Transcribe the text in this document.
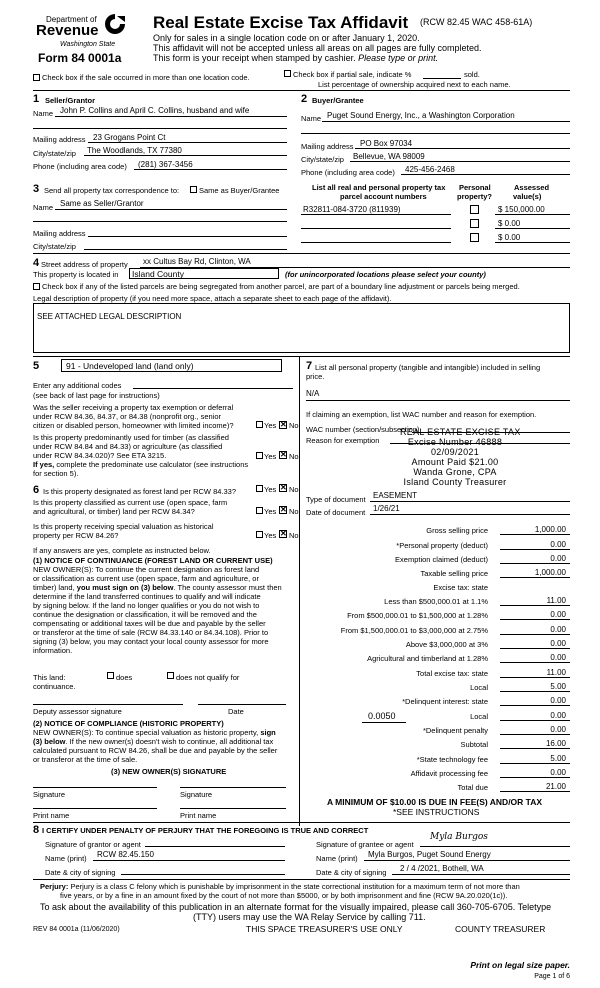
Department of
Revenue
Washington State
Form 84 0001a
Real Estate Excise Tax Affidavit (RCW 82.45 WAC 458-61A)
Only for sales in a single location code on or after January 1, 2020.
This affidavit will not be accepted unless all areas on all pages are fully completed.
This form is your receipt when stamped by cashier. Please type or print.
Check box if the sale occurred in more than one location code.	Check box if partial sale, indicate %	sold.
List percentage of ownership acquired next to each name.
1 Seller/Grantor
Name John P. Collins and April C. Collins, husband and wife
Mailing address 23 Grogans Point Ct
City/state/zip The Woodlands, TX 77380
Phone (including area code) (281) 367-3456
2 Buyer/Grantee
Name Puget Sound Energy, Inc., a Washington Corporation
Mailing address PO Box 97034
City/state/zip Bellevue, WA 98009
Phone (including area code) 425-456-2468
List all real and personal property tax
parcel account numbers
Personal
property?
Assessed
value(s)
R32811-084-3720 (811939)	$ 150,000.00
$ 0.00
$ 0.00
3 Send all property tax correspondence to:	Same as Buyer/Grantee
Name Same as Seller/Grantor
Mailing address
City/state/zip
4 Street address of property xx Cultus Bay Rd, Clinton, WA
This property is located in Island County	(for unincorporated locations please select your county)
Check box if any of the listed parcels are being segregated from another parcel, are part of a boundary line adjustment or parcels being merged.
Legal description of property (if you need more space, attach a separate sheet to each page of the affidavit).
SEE ATTACHED LEGAL DESCRIPTION
5	91 - Undeveloped land (land only)
Enter any additional codes
(see back of last page for instructions)
Was the seller receiving a property tax exemption or deferral
under RCW 84.36, 84.37, or 84.38 (nonprofit org., senior
citizen or disabled person, homeowner with limited income)?	Yes ✕ No
Is this property predominantly used for timber (as classified
under RCW 84.84 and 84.33) or agriculture (as classified
under RCW 84.34.020)? See ETA 3215.	Yes ✕ No
If yes, complete the predominate use calculator (see instructions
for section 5).
6 Is this property designated as forest land per RCW 84.33?	Yes ✕ No
Is this property classified as current use (open space, farm
and agricultural, or timber) land per RCW 84.34?	Yes ✕ No
Is this property receiving special valuation as historical
property per RCW 84.26?	Yes ✕ No
If any answers are yes, complete as instructed below.
(1) NOTICE OF CONTINUANCE (FOREST LAND OR CURRENT USE)
NEW OWNER(S): To continue the current designation as forest land
or classification as current use (open space, farm and agriculture, or
timber) land, you must sign on (3) below. The county assessor must then
determine if the land transferred continues to qualify and will indicate
by signing below. If the land no longer qualifies or you do not wish to
continue the designation or classification, it will be removed and the
compensating or additional taxes will be due and payable by the seller
or transferor at the time of sale (RCW 84.33.140 or 84.34.108). Prior to
signing (3) below, you may contact your local county assessor for more
information.
This land:	does	does not qualify for
continuance.
Deputy assessor signature	Date
(2) NOTICE OF COMPLIANCE (HISTORIC PROPERTY)
NEW OWNER(S): To continue special valuation as historic property, sign
(3) below. If the new owner(s) doesn't wish to continue, all additional tax
calculated pursuant to RCW 84.26, shall be due and payable by the seller
or transferor at the time of sale.
(3) NEW OWNER(S) SIGNATURE
Signature	Signature
Print name	Print name
7 List all personal property (tangible and intangible) included in selling
price.
N/A
If claiming an exemption, list WAC number and reason for exemption.
WAC number (section/subsection)
Reason for exemption
REAL ESTATE EXCISE TAX
Excise Number 46888
02/09/2021
Amount Paid $21.00
Wanda Grone, CPA
Island County Treasurer
Type of document EASEMENT
Date of document 1/26/21
Gross selling price	1,000.00
*Personal property (deduct)	0.00
Exemption claimed (deduct)	0.00
Taxable selling price	1,000.00
Excise tax: state
Less than $500,000.01 at 1.1%	11.00
From $500,000.01 to $1,500,000 at 1.28%	0.00
From $1,500,000.01 to $3,000,000 at 2.75%	0.00
Above $3,000,000 at 3%	0.00
Agricultural and timberland at 1.28%	0.00
Total excise tax: state	11.00
Local	5.00
*Delinquent interest: state	0.00
Local	0.00
*Delinquent penalty	0.00
Subtotal	16.00
*State technology fee	5.00
Affidavit processing fee	0.00
Total due	21.00
0.0050
A MINIMUM OF $10.00 IS DUE IN FEE(S) AND/OR TAX
*SEE INSTRUCTIONS
8 I CERTIFY UNDER PENALTY OF PERJURY THAT THE FOREGOING IS TRUE AND CORRECT
Signature of grantor or agent
Name (print) RCW 82.45.150
Date & city of signing
Signature of grantee or agent
Myla Burgos
Name (print) Myla Burgos, Puget Sound Energy
Date & city of signing 2 / 4 /2021, Bothell, WA
Perjury: Perjury is a class C felony which is punishable by imprisonment in the state correctional institution for a maximum term of not more than
five years, or by a fine in an amount fixed by the court of not more than $5000, or by both imprisonment and fine (RCW 9A.20.020(1c)).
To ask about the availability of this publication in an alternate format for the visually impaired, please call 360-705-6705. Teletype
(TTY) users may use the WA Relay Service by calling 711.
REV 84 0001a (11/06/2020)	THIS SPACE TREASURER'S USE ONLY	COUNTY TREASURER
Print on legal size paper.
Page 1 of 6
